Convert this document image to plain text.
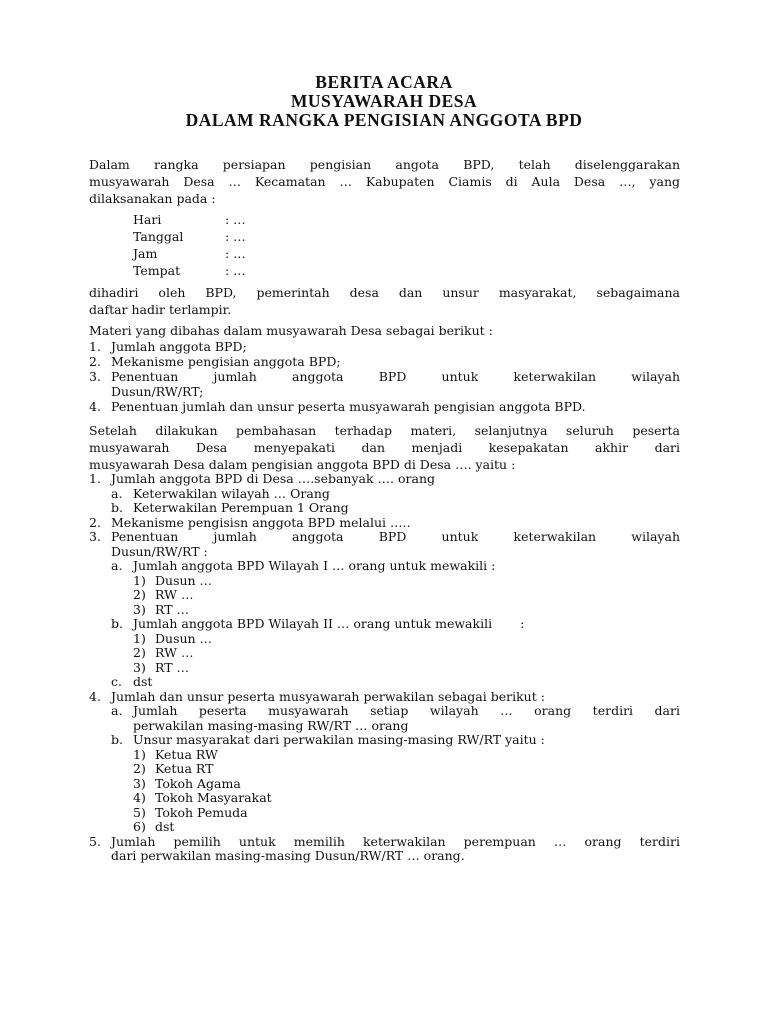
BERITA ACARA
MUSYAWARAH DESA
DALAM RANGKA PENGISIAN ANGGOTA BPD
Dalam rangka persiapan pengisian angota BPD, telah diselenggarakan
musyawarah Desa … Kecamatan … Kabupaten Ciamis di Aula Desa …, yang
dilaksanakan pada :
Hari	: …
Tanggal	: …
Jam	: …
Tempat	: …
dihadiri oleh BPD, pemerintah desa dan unsur masyarakat, sebagaimana
daftar hadir terlampir.
Materi yang dibahas dalam musyawarah Desa sebagai berikut :
1. Jumlah anggota BPD;
2. Mekanisme pengisian anggota BPD;
3. Penentuan jumlah anggota BPD untuk keterwakilan wilayah
Dusun/RW/RT;
4. Penentuan jumlah dan unsur peserta musyawarah pengisian anggota BPD.
Setelah dilakukan pembahasan terhadap materi, selanjutnya seluruh peserta
musyawarah Desa menyepakati dan menjadi kesepakatan akhir dari
musyawarah Desa dalam pengisian anggota BPD di Desa …. yaitu :
1. Jumlah anggota BPD di Desa ….sebanyak …. orang
a. Keterwakilan wilayah … Orang
b. Keterwakilan Perempuan 1 Orang
2. Mekanisme pengisisn anggota BPD melalui …..
3. Penentuan jumlah anggota BPD untuk keterwakilan wilayah
Dusun/RW/RT :
a. Jumlah anggota BPD Wilayah I … orang untuk mewakili :
1) Dusun …
2) RW …
3) RT …
b. Jumlah anggota BPD Wilayah II … orang untuk mewakili :
1) Dusun …
2) RW …
3) RT …
c. dst
4. Jumlah dan unsur peserta musyawarah perwakilan sebagai berikut :
a. Jumlah peserta musyawarah setiap wilayah … orang terdiri dari
perwakilan masing-masing RW/RT … orang
b. Unsur masyarakat dari perwakilan masing-masing RW/RT yaitu :
1) Ketua RW
2) Ketua RT
3) Tokoh Agama
4) Tokoh Masyarakat
5) Tokoh Pemuda
6) dst
5. Jumlah pemilih untuk memilih keterwakilan perempuan … orang terdiri
dari perwakilan masing-masing Dusun/RW/RT … orang.
